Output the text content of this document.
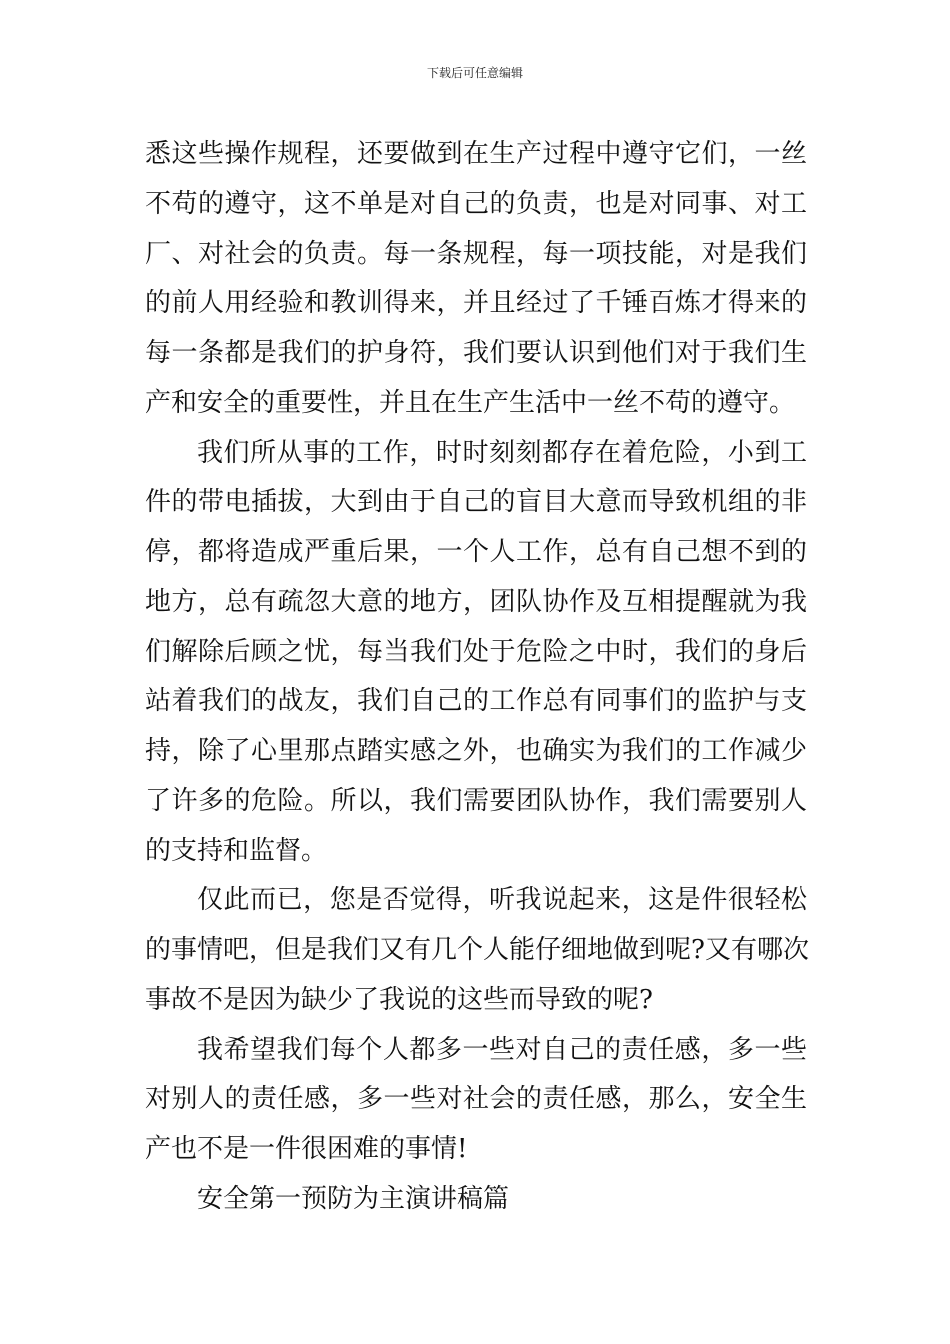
下载后可任意编辑
悉这些操作规程，还要做到在生产过程中遵守它们，一丝
不苟的遵守，这不单是对自己的负责，也是对同事、对工
厂、对社会的负责。每一条规程，每一项技能，对是我们
的前人用经验和教训得来，并且经过了千锤百炼才得来的
每一条都是我们的护身符，我们要认识到他们对于我们生
产和安全的重要性，并且在生产生活中一丝不苟的遵守。
我们所从事的工作，时时刻刻都存在着危险，小到工
件的带电插拔，大到由于自己的盲目大意而导致机组的非
停，都将造成严重后果，一个人工作，总有自己想不到的
地方，总有疏忽大意的地方，团队协作及互相提醒就为我
们解除后顾之忧，每当我们处于危险之中时，我们的身后
站着我们的战友，我们自己的工作总有同事们的监护与支
持，除了心里那点踏实感之外，也确实为我们的工作减少
了许多的危险。所以，我们需要团队协作，我们需要别人
的支持和监督。
仅此而已，您是否觉得，听我说起来，这是件很轻松
的事情吧，但是我们又有几个人能仔细地做到呢?又有哪次
事故不是因为缺少了我说的这些而导致的呢?
我希望我们每个人都多一些对自己的责任感，多一些
对别人的责任感，多一些对社会的责任感，那么，安全生
产也不是一件很困难的事情!
安全第一预防为主演讲稿篇
